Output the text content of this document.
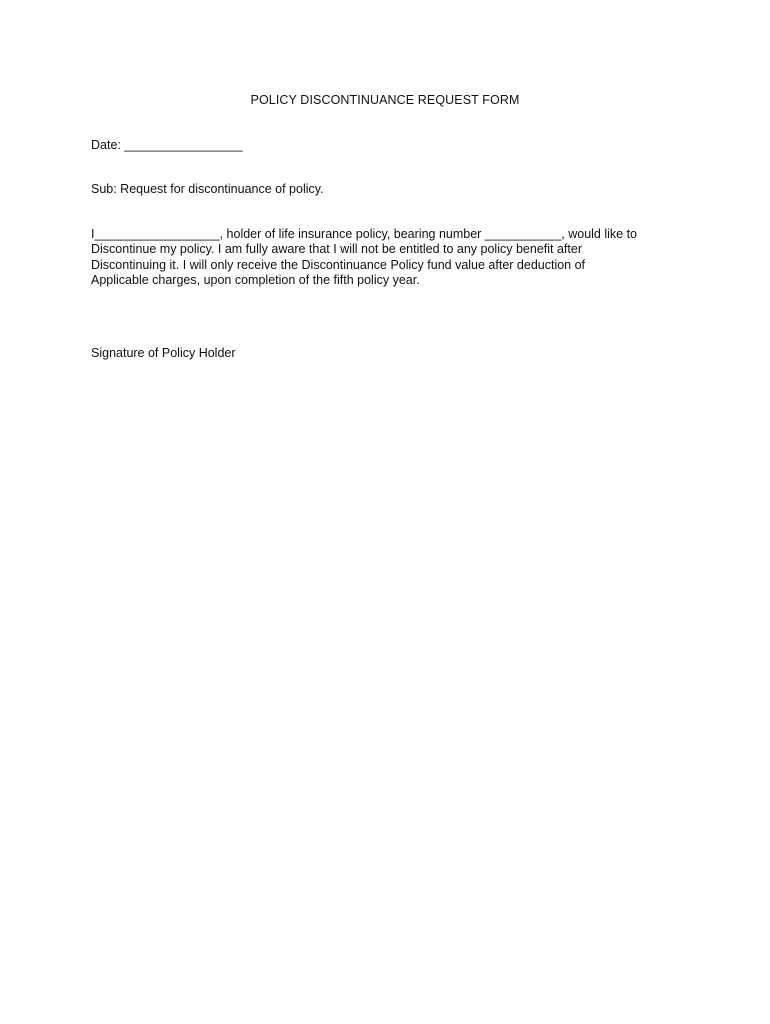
POLICY DISCONTINUANCE REQUEST FORM
Date: _________________
Sub: Request for discontinuance of policy.
I__________________, holder of life insurance policy, bearing number ___________, would like to
Discontinue my policy. I am fully aware that I will not be entitled to any policy benefit after
Discontinuing it. I will only receive the Discontinuance Policy fund value after deduction of
Applicable charges, upon completion of the fifth policy year.
Signature of Policy Holder
